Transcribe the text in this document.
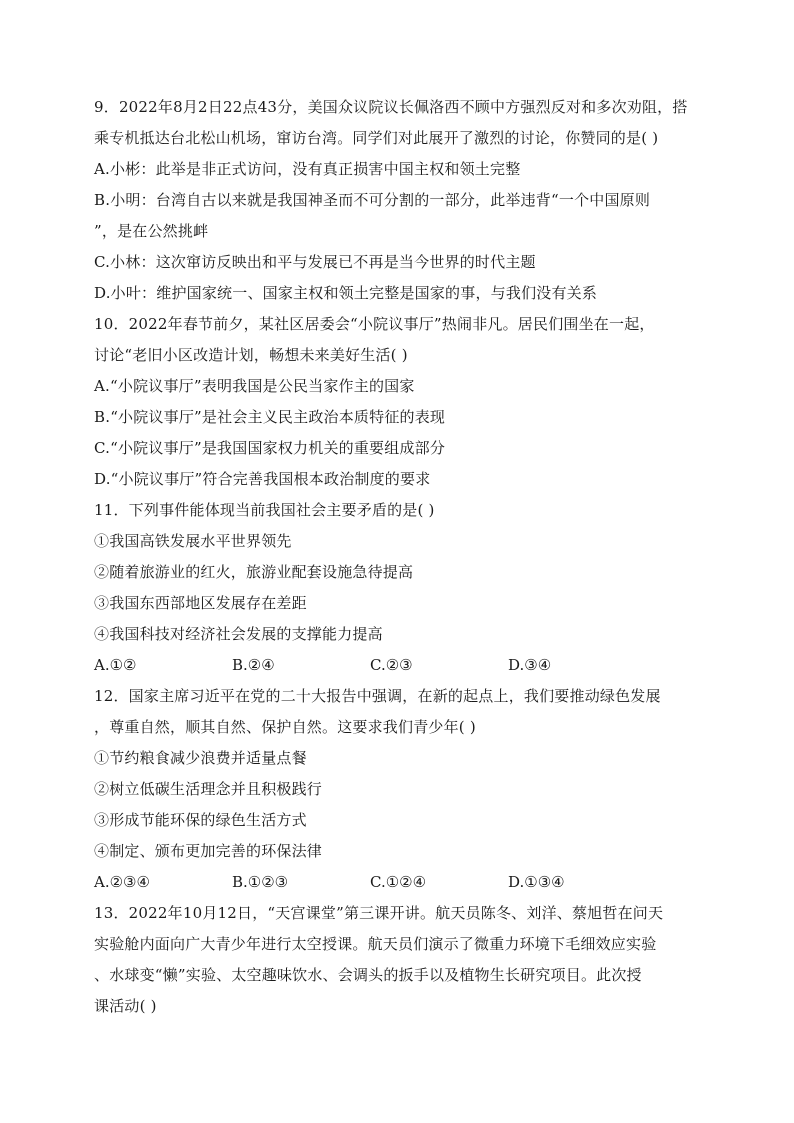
9．2022年8月2日22点43分，美国众议院议长佩洛西不顾中方强烈反对和多次劝阻，搭
乘专机抵达台北松山机场，窜访台湾。同学们对此展开了激烈的讨论，你赞同的是( )
A.小彬：此举是非正式访问，没有真正损害中国主权和领土完整
B.小明：台湾自古以来就是我国神圣而不可分割的一部分，此举违背“一个中国原则
”，是在公然挑衅
C.小林：这次窜访反映出和平与发展已不再是当今世界的时代主题
D.小叶：维护国家统一、国家主权和领土完整是国家的事，与我们没有关系
10．2022年春节前夕，某社区居委会“小院议事厅”热闹非凡。居民们围坐在一起，
讨论“老旧小区改造计划，畅想未来美好生活( )
A.“小院议事厅”表明我国是公民当家作主的国家
B.“小院议事厅”是社会主义民主政治本质特征的表现
C.“小院议事厅”是我国国家权力机关的重要组成部分
D.“小院议事厅”符合完善我国根本政治制度的要求
11．下列事件能体现当前我国社会主要矛盾的是( )
①我国高铁发展水平世界领先
②随着旅游业的红火，旅游业配套设施急待提高
③我国东西部地区发展存在差距
④我国科技对经济社会发展的支撑能力提高
A.①②	B.②④	C.②③	D.③④
12．国家主席习近平在党的二十大报告中强调，在新的起点上，我们要推动绿色发展
，尊重自然，顺其自然、保护自然。这要求我们青少年( )
①节约粮食减少浪费并适量点餐
②树立低碳生活理念并且积极践行
③形成节能环保的绿色生活方式
④制定、颁布更加完善的环保法律
A.②③④	B.①②③	C.①②④	D.①③④
13．2022年10月12日，“天宫课堂”第三课开讲。航天员陈冬、刘洋、蔡旭哲在问天
实验舱内面向广大青少年进行太空授课。航天员们演示了微重力环境下毛细效应实验
、水球变“懒”实验、太空趣味饮水、会调头的扳手以及植物生长研究项目。此次授
课活动( )
